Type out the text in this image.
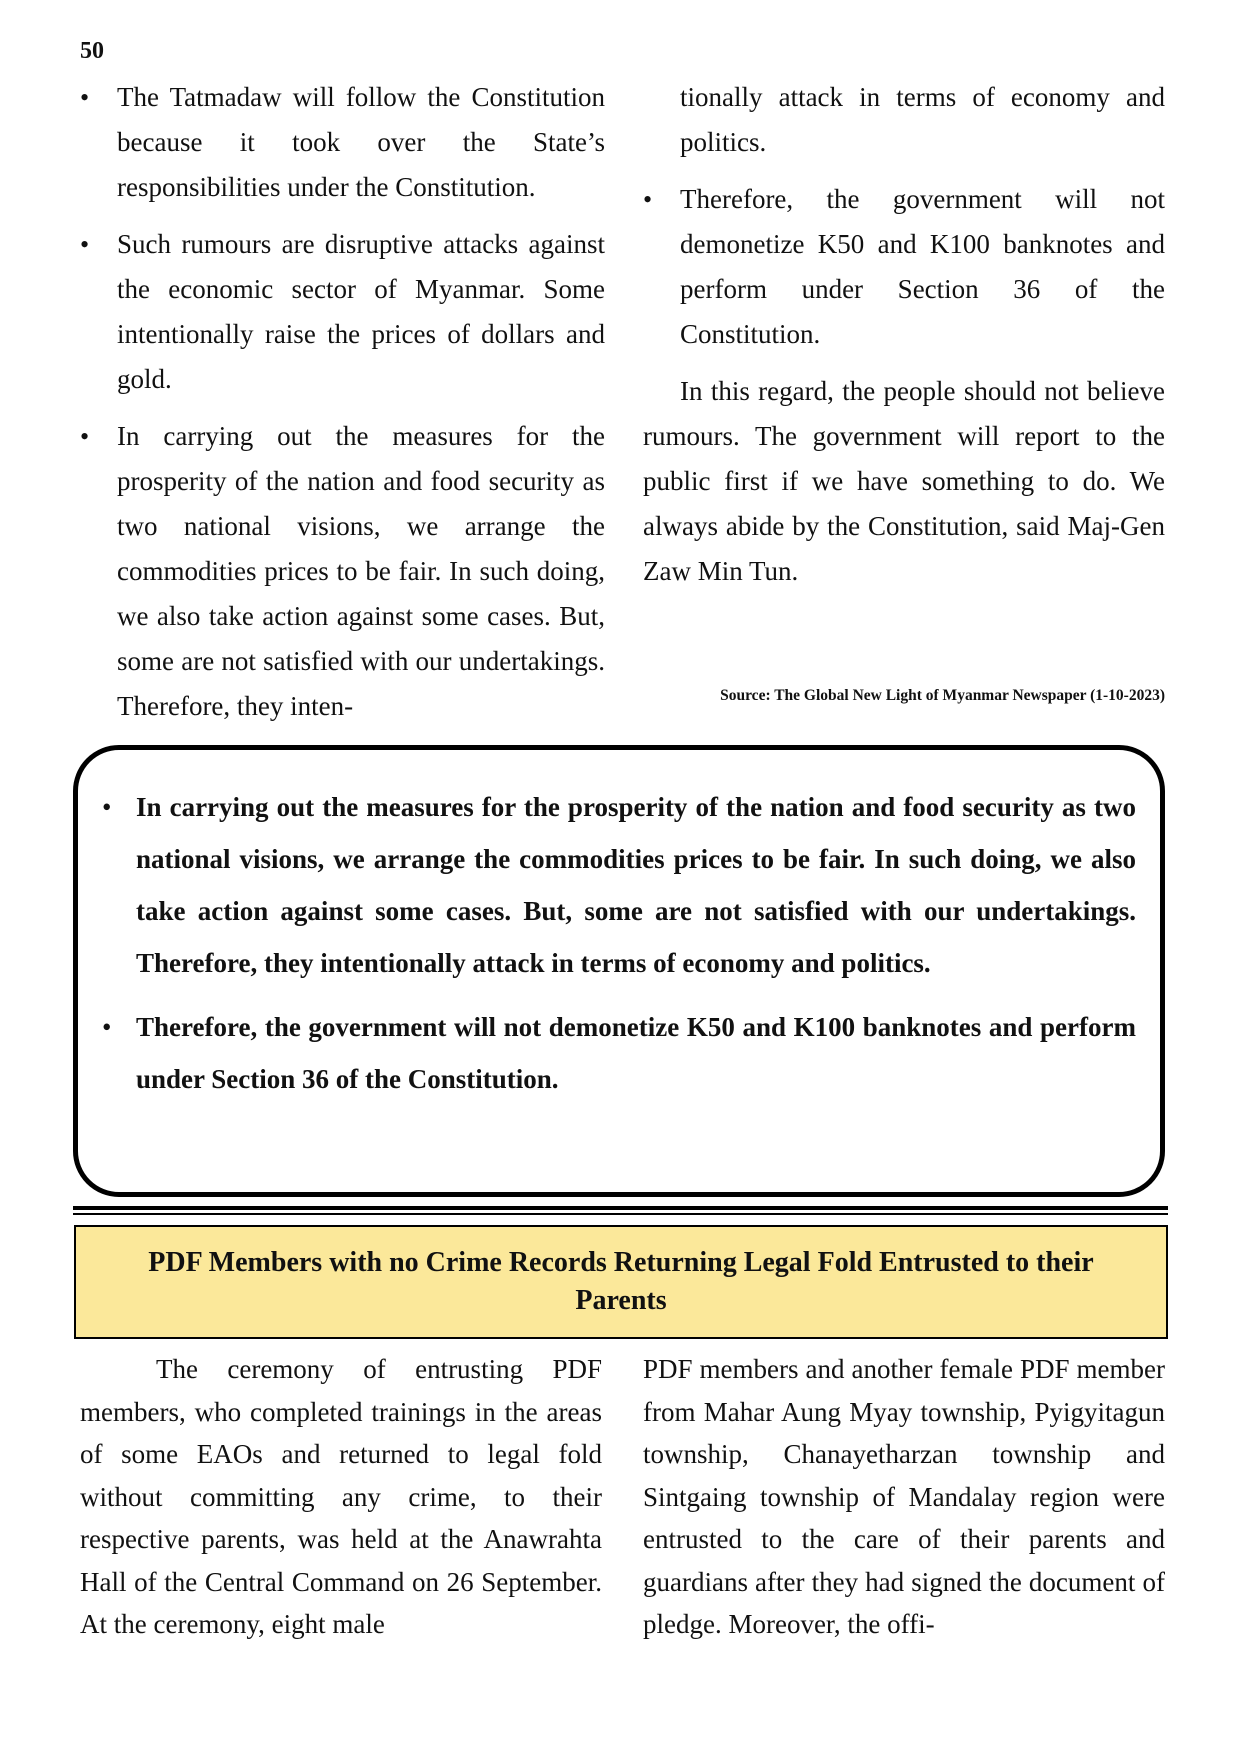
50
• The Tatmadaw will follow the Constitution because it took over the State’s responsibilities under the Constitution.
• Such rumours are disruptive attacks against the economic sector of Myanmar. Some intentionally raise the prices of dollars and gold.
• In carrying out the measures for the prosperity of the nation and food security as two national visions, we arrange the commodities prices to be fair. In such doing, we also take action against some cases. But, some are not satisfied with our undertakings. Therefore, they inten-

tionally attack in terms of economy and politics.

• Therefore, the government will not demonetize K50 and K100 banknotes and perform under Section 36 of the Constitution.

In this regard, the people should not believe rumours. The government will report to the public first if we have something to do. We always abide by the Constitution, said Maj-Gen Zaw Min Tun.

Source: The Global New Light of Myanmar Newspaper (1-10-2023)
• In carrying out the measures for the prosperity of the nation and food security as two national visions, we arrange the commodities prices to be fair. In such doing, we also take action against some cases. But, some are not satisfied with our undertakings. Therefore, they intentionally attack in terms of economy and politics.
• Therefore, the government will not demonetize K50 and K100 banknotes and perform under Section 36 of the Constitution.
PDF Members with no Crime Records Returning Legal Fold Entrusted to their Parents

The ceremony of entrusting PDF members, who completed trainings in the areas of some EAOs and returned to legal fold without committing any crime, to their respective parents, was held at the Anawrahta Hall of the Central Command on 26 September. At the ceremony, eight male

PDF members and another female PDF member from Mahar Aung Myay township, Pyigyitagun township, Chanayetharzan township and Sintgaing township of Mandalay region were entrusted to the care of their parents and guardians after they had signed the document of pledge. Moreover, the offi-
